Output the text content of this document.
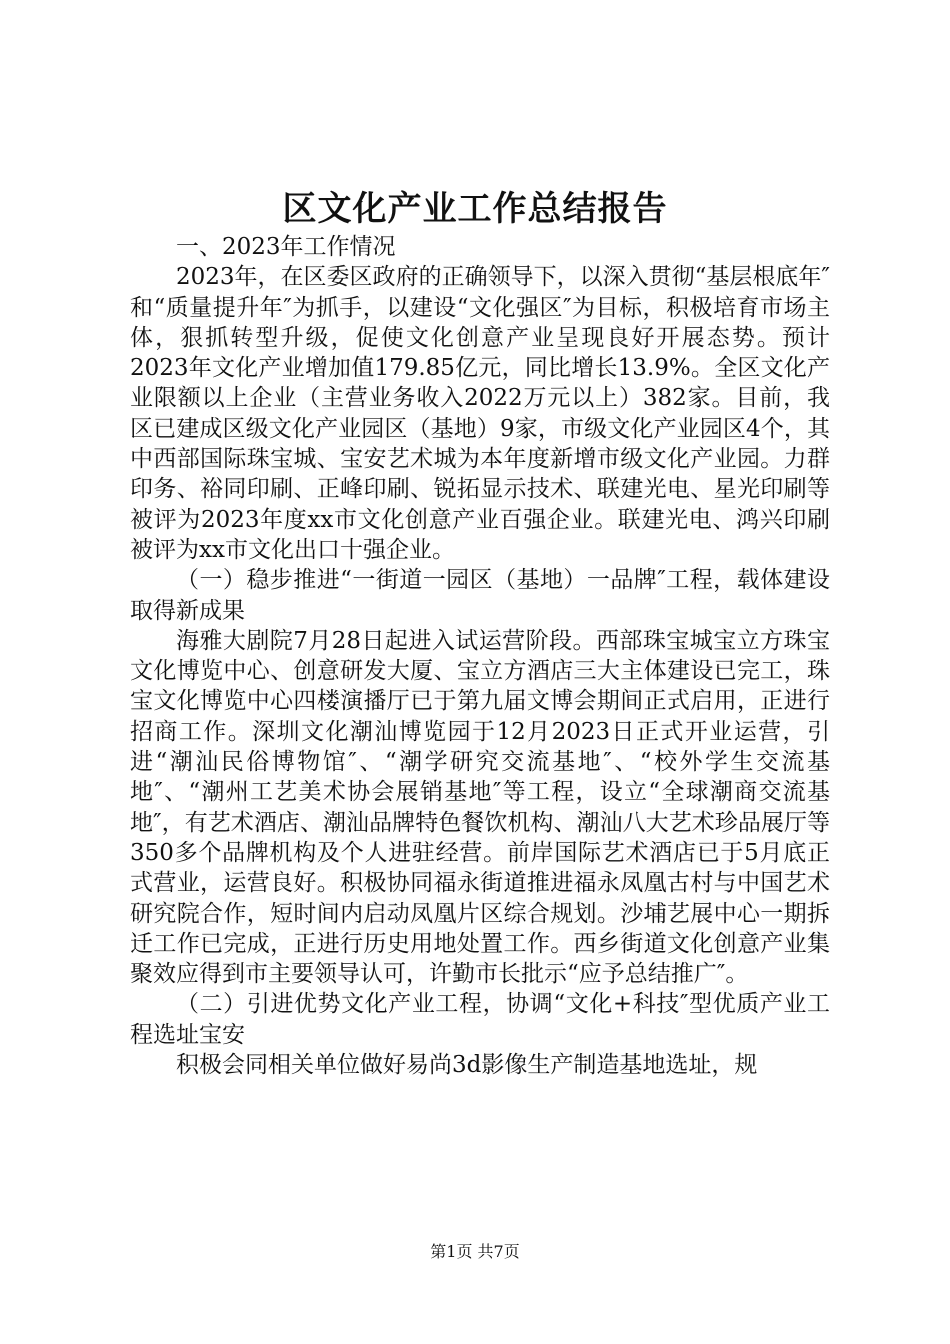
区文化产业工作总结报告

一、2023年工作情况

2023年，在区委区政府的正确领导下，以深入贯彻“基层根底年″和“质量提升年″为抓手，以建设“文化强区″为目标，积极培育市场主体，狠抓转型升级，促使文化创意产业呈现良好开展态势。预计2023年文化产业增加值179.85亿元，同比增长13.9%。全区文化产业限额以上企业（主营业务收入2022万元以上）382家。目前，我区已建成区级文化产业园区（基地）9家，市级文化产业园区4个，其中西部国际珠宝城、宝安艺术城为本年度新增市级文化产业园。力群印务、裕同印刷、正峰印刷、锐拓显示技术、联建光电、星光印刷等被评为2023年度xx市文化创意产业百强企业。联建光电、鸿兴印刷被评为xx市文化出口十强企业。

（一）稳步推进“一街道一园区（基地）一品牌″工程，载体建设取得新成果

海雅大剧院7月28日起进入试运营阶段。西部珠宝城宝立方珠宝文化博览中心、创意研发大厦、宝立方酒店三大主体建设已完工，珠宝文化博览中心四楼演播厅已于第九届文博会期间正式启用，正进行招商工作。深圳文化潮汕博览园于12月2023日正式开业运营，引进“潮汕民俗博物馆″、“潮学研究交流基地″、“校外学生交流基地″、“潮州工艺美术协会展销基地″等工程，设立“全球潮商交流基地″，有艺术酒店、潮汕品牌特色餐饮机构、潮汕八大艺术珍品展厅等350多个品牌机构及个人进驻经营。前岸国际艺术酒店已于5月底正式营业，运营良好。积极协同福永街道推进福永凤凰古村与中国艺术研究院合作，短时间内启动凤凰片区综合规划。沙埔艺展中心一期拆迁工作已完成，正进行历史用地处置工作。西乡街道文化创意产业集聚效应得到市主要领导认可，许勤市长批示“应予总结推广″。

（二）引进优势文化产业工程，协调“文化+科技″型优质产业工程选址宝安

积极会同相关单位做好易尚3d影像生产制造基地选址，规

第1页 共7页
